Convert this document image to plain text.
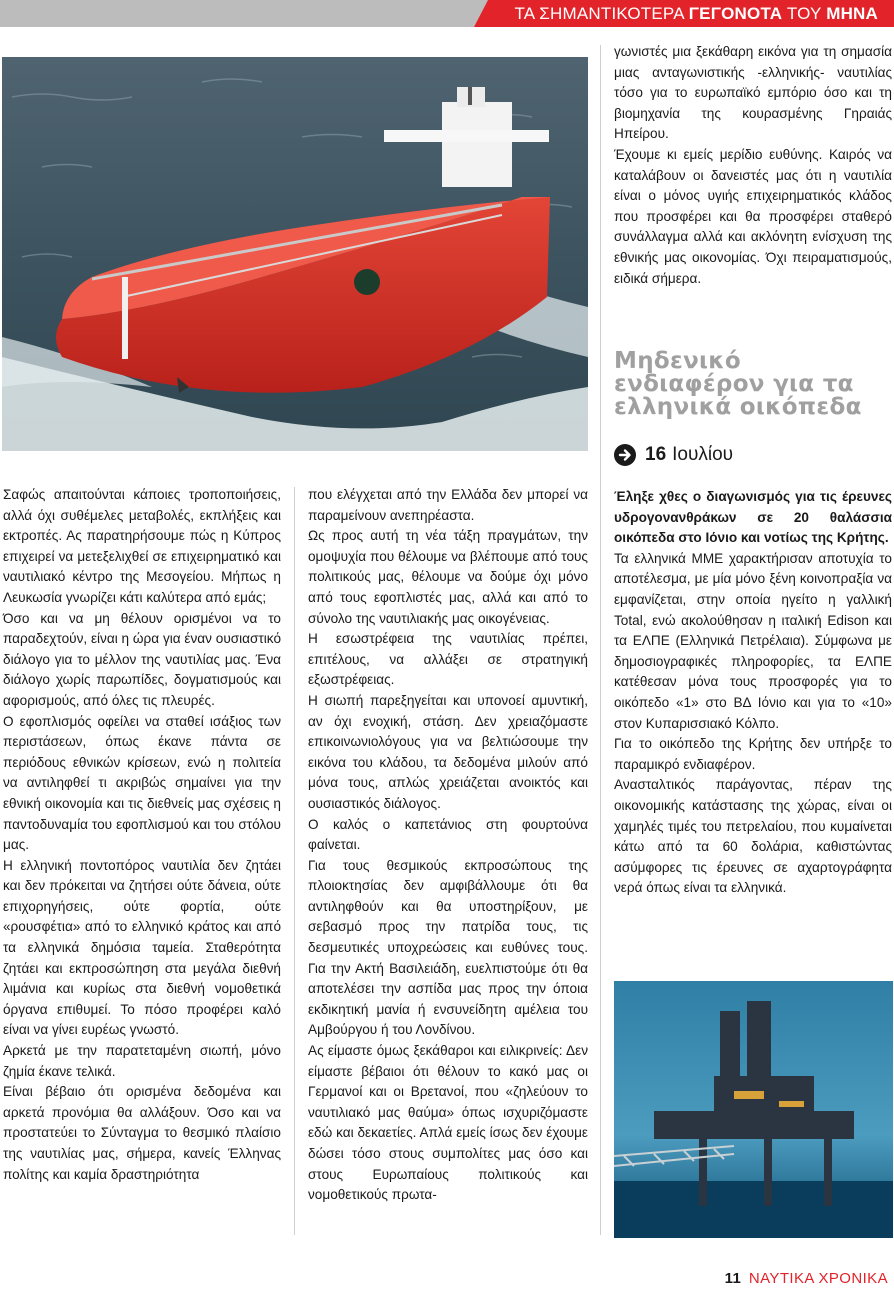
ΤΑ ΣΗΜΑΝΤΙΚΟΤΕΡΑ ΓΕΓΟΝΟΤΑ ΤΟΥ ΜΗΝΑ

Σαφώς απαιτούνται κάποιες τροποποιήσεις, αλλά όχι συθέμελες μεταβολές, εκπλήξεις και εκτροπές. Ας παρατηρήσουμε πώς η Κύπρος επιχειρεί να μετεξελιχθεί σε επιχειρηματικό και ναυτιλιακό κέντρο της Μεσογείου. Μήπως η Λευκωσία γνωρίζει κάτι καλύτερα από εμάς;

Όσο και να μη θέλουν ορισμένοι να το παραδεχτούν, είναι η ώρα για έναν ουσιαστικό διάλογο για το μέλλον της ναυτιλίας μας. Ένα διάλογο χωρίς παρωπίδες, δογματισμούς και αφορισμούς, από όλες τις πλευρές.

Ο εφοπλισμός οφείλει να σταθεί ισάξιος των περιστάσεων, όπως έκανε πάντα σε περιόδους εθνικών κρίσεων, ενώ η πολιτεία να αντιληφθεί τι ακριβώς σημαίνει για την εθνική οικονομία και τις διεθνείς μας σχέσεις η παντοδυναμία του εφοπλισμού και του στόλου μας.

Η ελληνική ποντοπόρος ναυτιλία δεν ζητάει και δεν πρόκειται να ζητήσει ούτε δάνεια, ούτε επιχορηγήσεις, ούτε φορτία, ούτε «ρουσφέτια» από το ελληνικό κράτος και από τα ελληνικά δημόσια ταμεία. Σταθερότητα ζητάει και εκπροσώπηση στα μεγάλα διεθνή λιμάνια και κυρίως στα διεθνή νομοθετικά όργανα επιθυμεί. Το πόσο προφέρει καλό είναι να γίνει ευρέως γνωστό.

Αρκετά με την παρατεταμένη σιωπή, μόνο ζημία έκανε τελικά.

Είναι βέβαιο ότι ορισμένα δεδομένα και αρκετά προνόμια θα αλλάξουν. Όσο και να προστατεύει το Σύνταγμα το θεσμικό πλαίσιο της ναυτιλίας μας, σήμερα, κανείς Έλληνας πολίτης και καμία δραστηριότητα

που ελέγχεται από την Ελλάδα δεν μπορεί να παραμείνουν ανεπηρέαστα.

Ως προς αυτή τη νέα τάξη πραγμάτων, την ομοψυχία που θέλουμε να βλέπουμε από τους πολιτικούς μας, θέλουμε να δούμε όχι μόνο από τους εφοπλιστές μας, αλλά και από το σύνολο της ναυτιλιακής μας οικογένειας.

Η εσωστρέφεια της ναυτιλίας πρέπει, επιτέλους, να αλλάξει σε στρατηγική εξωστρέφειας.

Η σιωπή παρεξηγείται και υπονοεί αμυντική, αν όχι ενοχική, στάση. Δεν χρειαζόμαστε επικοινωνιολόγους για να βελτιώσουμε την εικόνα του κλάδου, τα δεδομένα μιλούν από μόνα τους, απλώς χρειάζεται ανοικτός και ουσιαστικός διάλογος.

Ο καλός ο καπετάνιος στη φουρτούνα φαίνεται.

Για τους θεσμικούς εκπροσώπους της πλοιοκτησίας δεν αμφιβάλλουμε ότι θα αντιληφθούν και θα υποστηρίξουν, με σεβασμό προς την πατρίδα τους, τις δεσμευτικές υποχρεώσεις και ευθύνες τους. Για την Ακτή Βασιλειάδη, ευελπιστούμε ότι θα αποτελέσει την ασπίδα μας προς την όποια εκδικητική μανία ή ενσυνείδητη αμέλεια του Αμβούργου ή του Λονδίνου.

Ας είμαστε όμως ξεκάθαροι και ειλικρινείς: Δεν είμαστε βέβαιοι ότι θέλουν το κακό μας οι Γερμανοί και οι Βρετανοί, που «ζηλεύουν το ναυτιλιακό μας θαύμα» όπως ισχυριζόμαστε εδώ και δεκαετίες. Απλά εμείς ίσως δεν έχουμε δώσει τόσο στους συμπολίτες μας όσο και στους Ευρωπαίους πολιτικούς και νομοθετικούς πρωτα-

γωνιστές μια ξεκάθαρη εικόνα για τη σημασία μιας ανταγωνιστικής -ελληνικής- ναυτιλίας τόσο για το ευρωπαϊκό εμπόριο όσο και τη βιομηχανία της κουρασμένης Γηραιάς Ηπείρου.

Έχουμε κι εμείς μερίδιο ευθύνης. Καιρός να καταλάβουν οι δανειστές μας ότι η ναυτιλία είναι ο μόνος υγιής επιχειρηματικός κλάδος που προσφέρει και θα προσφέρει σταθερό συνάλλαγμα αλλά και ακλόνητη ενίσχυση της εθνικής μας οικονομίας. Όχι πειραματισμούς, ειδικά σήμερα.

Μηδενικό ενδιαφέρον για τα ελληνικά οικόπεδα
16 Ιουλίου

Έληξε χθες ο διαγωνισμός για τις έρευνες υδρογονανθράκων σε 20 θαλάσσια οικόπεδα στο Ιόνιο και νοτίως της Κρήτης.

Τα ελληνικά ΜΜΕ χαρακτήρισαν αποτυχία το αποτέλεσμα, με μία μόνο ξένη κοινοπραξία να εμφανίζεται, στην οποία ηγείτο η γαλλική Total, ενώ ακολούθησαν η ιταλική Edison και τα ΕΛΠΕ (Ελληνικά Πετρέλαια). Σύμφωνα με δημοσιογραφικές πληροφορίες, τα ΕΛΠΕ κατέθεσαν μόνα τους προσφορές για το οικόπεδο «1» στο ΒΔ Ιόνιο και για το «10» στον Κυπαρισσιακό Κόλπο.

Για το οικόπεδο της Κρήτης δεν υπήρξε το παραμικρό ενδιαφέρον.

Ανασταλτικός παράγοντας, πέραν της οικονομικής κατάστασης της χώρας, είναι οι χαμηλές τιμές του πετρελαίου, που κυμαίνεται κάτω από τα 60 δολάρια, καθιστώντας ασύμφορες τις έρευνες σε αχαρτογράφητα νερά όπως είναι τα ελληνικά.

11 ΝΑΥΤΙΚΑ ΧΡΟΝΙΚΑ
